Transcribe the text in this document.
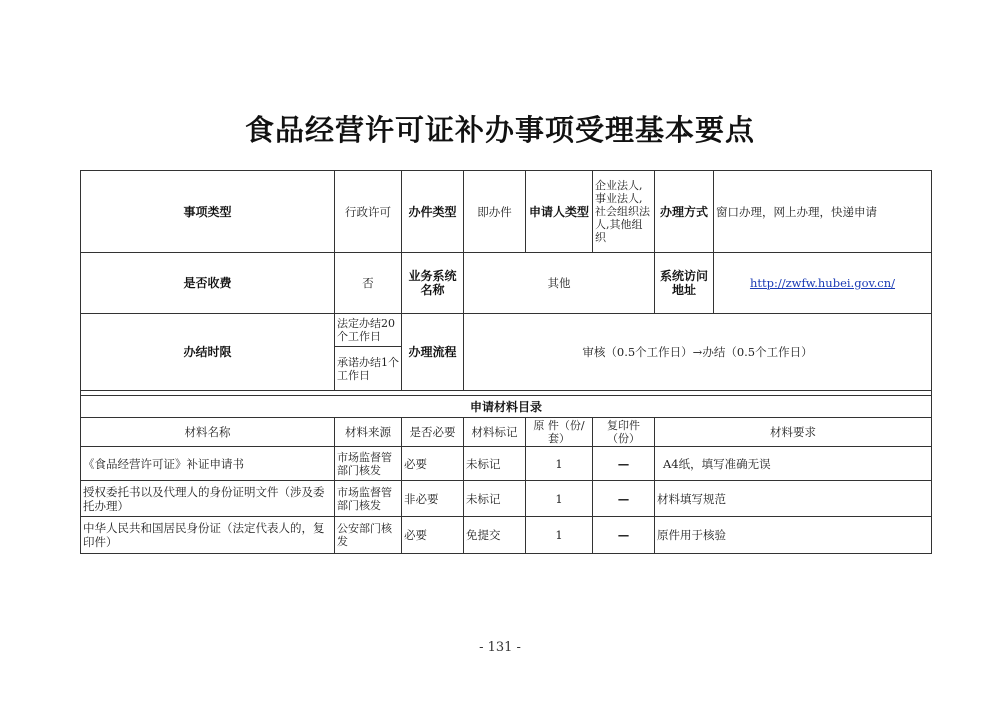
食品经营许可证补办事项受理基本要点
事项类型	行政许可	办件类型	即办件	申请人类型	企业法人,事业法人,社会组织法人,其他组织	办理方式	窗口办理，网上办理，快递申请
是否收费	否	业务系统名称	其他			系统访问地址	http://zwfw.hubei.gov.cn/
办结时限	法定办结20个工作日	办理流程	审核（0.5个工作日）→办结（0.5个工作日）				
	承诺办结1个工作日						

申请材料目录							
材料名称	材料来源	是否必要	材料标记	原 件（份/套）	复印件（份）	材料要求	
《食品经营许可证》补证申请书	市场监督管部门核发	必要	未标记	1	—	A4纸，填写准确无误	
授权委托书以及代理人的身份证明文件（涉及委托办理）	市场监督管部门核发	非必要	未标记	1	—	材料填写规范	
中华人民共和国居民身份证（法定代表人的，复印件）	公安部门核发	必要	免提交	1	—	原件用于核验	
- 131 -
